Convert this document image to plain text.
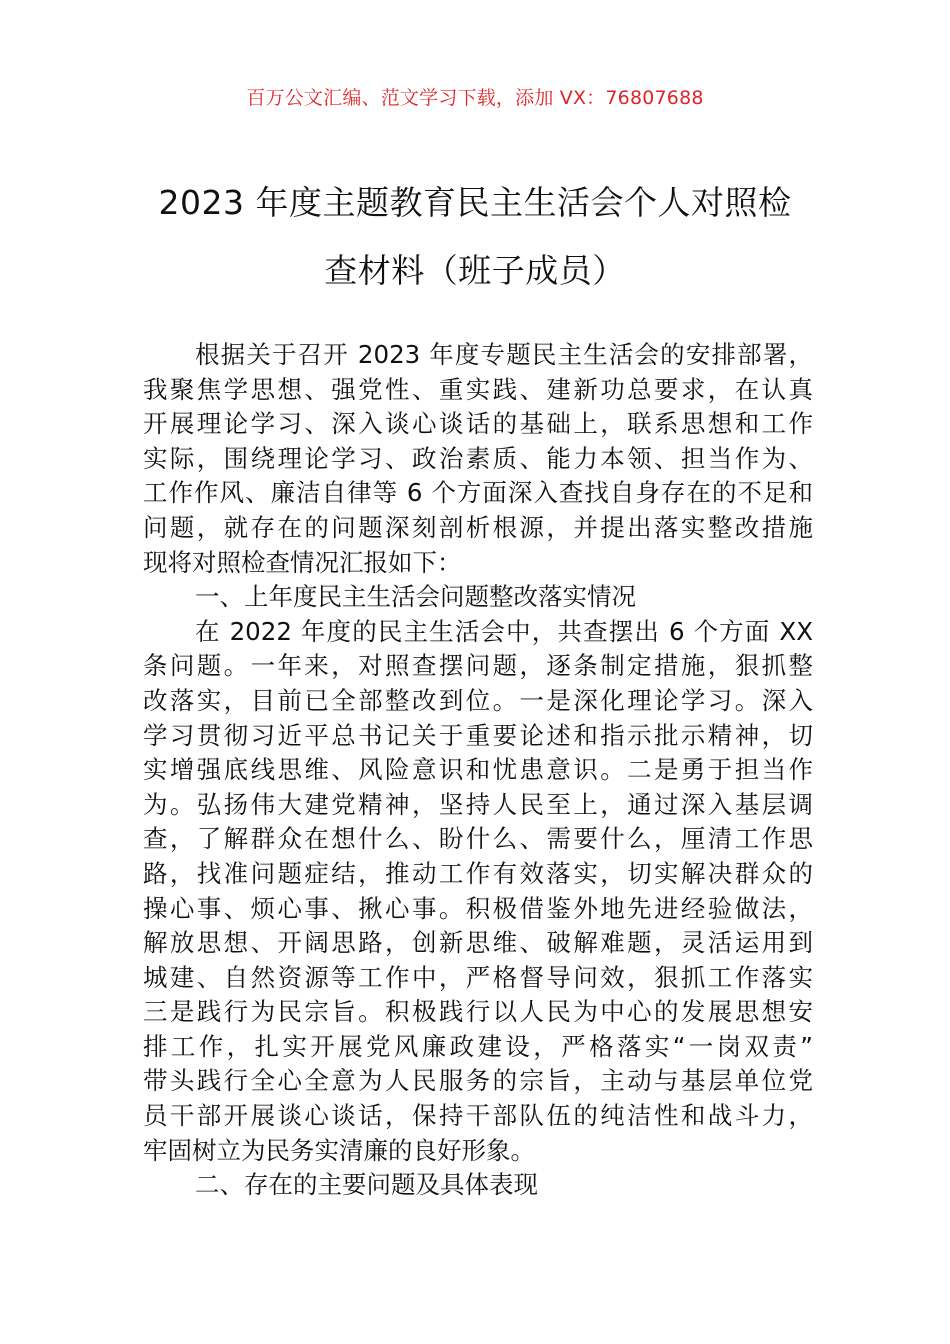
百万公文汇编、范文学习下载，添加 VX：76807688
2023 年度主题教育民主生活会个人对照检
查材料（班子成员）
根据关于召开 2023 年度专题民主生活会的安排部署，
我聚焦学思想、强党性、重实践、建新功总要求，在认真
开展理论学习、深入谈心谈话的基础上，联系思想和工作
实际，围绕理论学习、政治素质、能力本领、担当作为、
工作作风、廉洁自律等 6 个方面深入查找自身存在的不足和
问题，就存在的问题深刻剖析根源，并提出落实整改措施
现将对照检查情况汇报如下：
一、上年度民主生活会问题整改落实情况
在 2022 年度的民主生活会中，共查摆出 6 个方面 XX
条问题。一年来，对照查摆问题，逐条制定措施，狠抓整
改落实，目前已全部整改到位。一是深化理论学习。深入
学习贯彻习近平总书记关于重要论述和指示批示精神，切
实增强底线思维、风险意识和忧患意识。二是勇于担当作
为。弘扬伟大建党精神，坚持人民至上，通过深入基层调
查，了解群众在想什么、盼什么、需要什么，厘清工作思
路，找准问题症结，推动工作有效落实，切实解决群众的
操心事、烦心事、揪心事。积极借鉴外地先进经验做法，
解放思想、开阔思路，创新思维、破解难题，灵活运用到
城建、自然资源等工作中，严格督导问效，狠抓工作落实
三是践行为民宗旨。积极践行以人民为中心的发展思想安
排工作，扎实开展党风廉政建设，严格落实“一岗双责”
带头践行全心全意为人民服务的宗旨，主动与基层单位党
员干部开展谈心谈话，保持干部队伍的纯洁性和战斗力，
牢固树立为民务实清廉的良好形象。
二、存在的主要问题及具体表现
